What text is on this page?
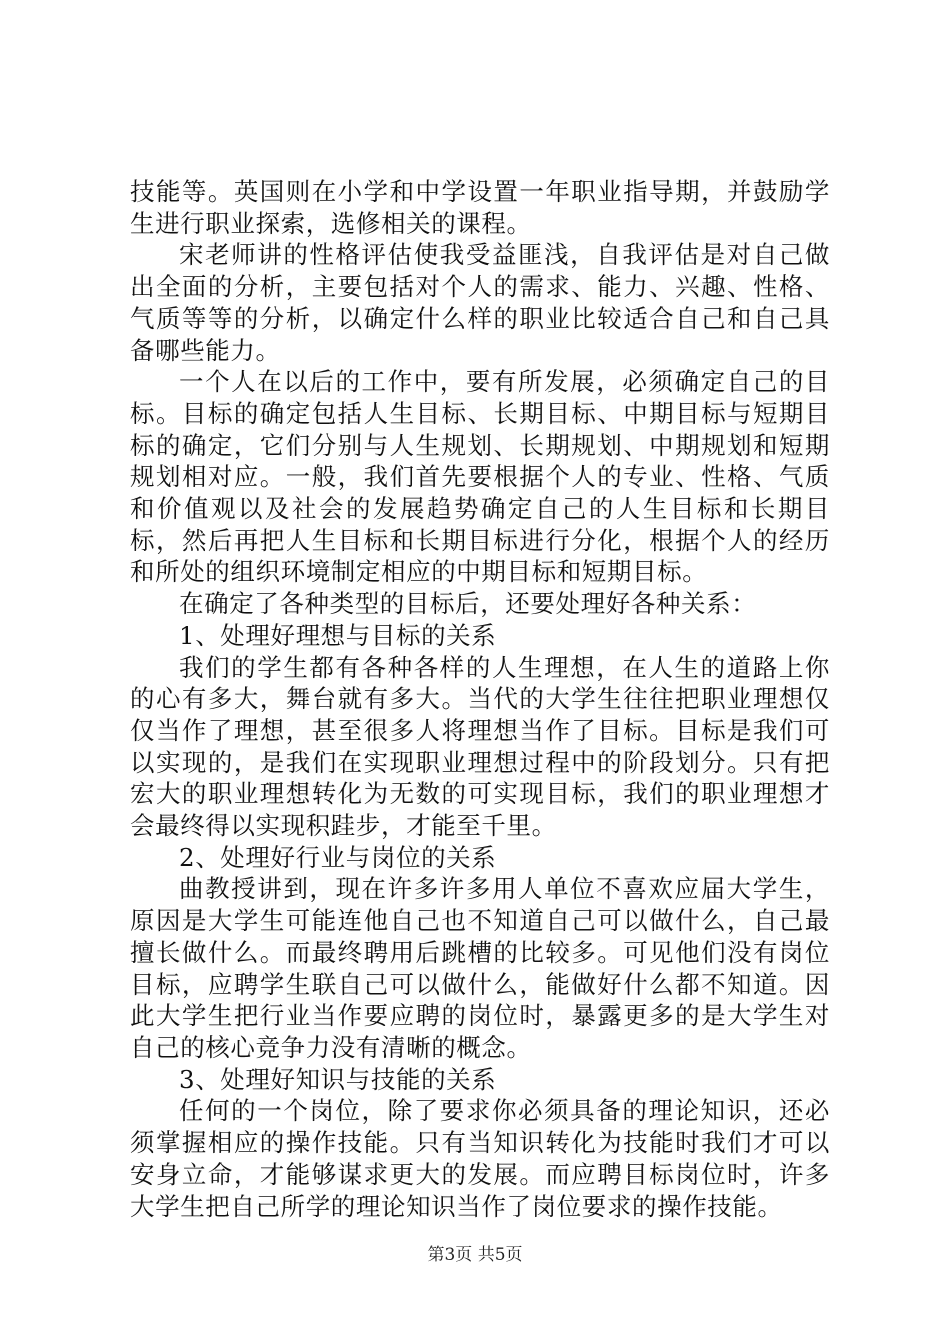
技能等。英国则在小学和中学设置一年职业指导期，并鼓励学生进行职业探索，选修相关的课程。

宋老师讲的性格评估使我受益匪浅，自我评估是对自己做出全面的分析，主要包括对个人的需求、能力、兴趣、性格、气质等等的分析，以确定什么样的职业比较适合自己和自己具备哪些能力。

一个人在以后的工作中，要有所发展，必须确定自己的目标。目标的确定包括人生目标、长期目标、中期目标与短期目标的确定，它们分别与人生规划、长期规划、中期规划和短期规划相对应。一般，我们首先要根据个人的专业、性格、气质和价值观以及社会的发展趋势确定自己的人生目标和长期目标，然后再把人生目标和长期目标进行分化，根据个人的经历和所处的组织环境制定相应的中期目标和短期目标。

在确定了各种类型的目标后，还要处理好各种关系：

1、处理好理想与目标的关系

我们的学生都有各种各样的人生理想，在人生的道路上你的心有多大，舞台就有多大。当代的大学生往往把职业理想仅仅当作了理想，甚至很多人将理想当作了目标。目标是我们可以实现的，是我们在实现职业理想过程中的阶段划分。只有把宏大的职业理想转化为无数的可实现目标，我们的职业理想才会最终得以实现积跬步，才能至千里。

2、处理好行业与岗位的关系

曲教授讲到，现在许多许多用人单位不喜欢应届大学生，原因是大学生可能连他自己也不知道自己可以做什么，自己最擅长做什么。而最终聘用后跳槽的比较多。可见他们没有岗位目标，应聘学生联自己可以做什么，能做好什么都不知道。因此大学生把行业当作要应聘的岗位时，暴露更多的是大学生对自己的核心竞争力没有清晰的概念。

3、处理好知识与技能的关系

任何的一个岗位，除了要求你必须具备的理论知识，还必须掌握相应的操作技能。只有当知识转化为技能时我们才可以安身立命，才能够谋求更大的发展。而应聘目标岗位时，许多大学生把自己所学的理论知识当作了岗位要求的操作技能。

第3页 共5页
